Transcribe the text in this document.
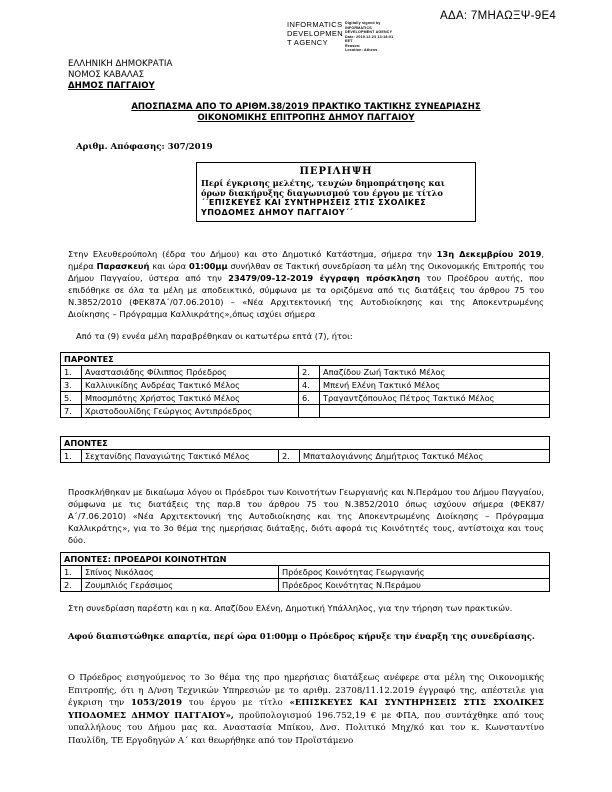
ΑΔΑ: 7ΜΗΑΩΞΨ-9Ε4
INFORMATICS
DEVELOPMEN
T AGENCY
Digitally signed by
INFORMATICS
DEVELOPMENT AGENCY
Date: 2019.12.23 13:18:01
EET
Reason:
Location: Athens
ΕΛΛΗΝΙΚΗ ΔΗΜΟΚΡΑΤΙΑ
ΝΟΜΟΣ ΚΑΒΑΛΑΣ
ΔΗΜΟΣ ΠΑΓΓΑΙΟΥ
ΑΠΟΣΠΑΣΜΑ ΑΠΟ ΤΟ ΑΡΙΘΜ.38/2019 ΠΡΑΚΤΙΚΟ ΤΑΚΤΙΚΗΣ ΣΥΝΕΔΡΙΑΣΗΣ
ΟΙΚΟΝΟΜΙΚΗΣ ΕΠΙΤΡΟΠΗΣ ΔΗΜΟΥ ΠΑΓΓΑΙΟΥ
Αριθμ. Απόφασης: 307/2019
ΠΕΡΙΛΗΨΗ
Περί έγκρισης μελέτης, τευχών δημοπράτησης και όρων διακήρυξης διαγωνισμού του έργου με τίτλο
΄΄ΕΠΙΣΚΕΥΕΣ ΚΑΙ ΣΥΝΤΗΡΗΣΕΙΣ ΣΤΙΣ ΣΧΟΛΙΚΕΣ ΥΠΟΔΟΜΕΣ ΔΗΜΟΥ ΠΑΓΓΑΙΟΥ΄΄
Στην Ελευθερούπολη (έδρα του Δήμου) και στο Δημοτικό Κατάστημα, σήμερα την 13η Δεκεμβρίου 2019, ημέρα Παρασκευή και ώρα 01:00μμ συνήλθαν σε Τακτική συνεδρίαση τα μέλη της Οικονομικής Επιτροπής του Δήμου Παγγαίου, ύστερα από την 23479/09-12-2019 έγγραφη πρόσκληση του Προέδρου αυτής, που επιδόθηκε σε όλα τα μέλη με αποδεικτικό, σύμφωνα με τα οριζόμενα από τις διατάξεις του άρθρου 75 του Ν.3852/2010 (ΦΕΚ87Α΄/07.06.2010) – «Νέα Αρχιτεκτονική της Αυτοδιοίκησης και της Αποκεντρωμένης Διοίκησης – Πρόγραμμα Καλλικράτης»,όπως ισχύει σήμερα
Από τα (9) εννέα μέλη παραβρέθηκαν οι κατωτέρω επτά (7), ήτοι:
ΠΑΡΟΝΤΕΣ			
1.	Αναστασιάδης Φίλιππος Πρόεδρος	2.	Απαζίδου Ζωή Τακτικό Μέλος
3.	Καλλινικίδης Ανδρέας Τακτικό Μέλος	4.	Μπενή Ελένη Τακτικό Μέλος
5.	Μποσμπότης Χρήστος Τακτικό Μέλος	6.	Τραγαντζόπουλος Πέτρος Τακτικό Μέλος
7.	Χριστοδουλίδης Γεώργιος Αντιπρόεδρος		
ΑΠΟΝΤΕΣ
1.	Σεχτανίδης Παναγιώτης Τακτικό Μέλος	2.	Μπαταλογιάννης Δημήτριος Τακτικό Μέλος
Προσκλήθηκαν με δικαίωμα λόγου οι Πρόεδροι των Κοινοτήτων Γεωργιανής και Ν.Περάμου του Δήμου Παγγαίου, σύμφωνα με τις διατάξεις της παρ.8 του άρθρου 75 του Ν.3852/2010 όπως ισχύουν σήμερα (ΦΕΚ87/ Α΄/7.06.2010) «Νέα Αρχιτεκτονική της Αυτοδιοίκησης και της Αποκεντρωμένης Διοίκησης – Πρόγραμμα Καλλικράτης», για το 3ο θέμα της ημερήσιας διάταξης, διότι αφορά τις Κοινότητές τους, αντίστοιχα και τους δύο.
ΑΠΟΝΤΕΣ: ΠΡΟΕΔΡΟΙ ΚΟΙΝΟΤΗΤΩΝ		
1.	Σπίνος Νικόλαος	Πρόεδρος Κοινότητας Γεωργιανής
2.	Ζουμπλιός Γεράσιμος	Πρόεδρος Κοινότητας Ν.Περάμου
Στη συνεδρίαση παρέστη και η κα. Απαζίδου Ελένη, Δημοτική Υπάλληλος, για την τήρηση των πρακτικών.
Αφού διαπιστώθηκε απαρτία, περί ώρα 01:00μμ ο Πρόεδρος κήρυξε την έναρξη της συνεδρίασης.
Ο Πρόεδρος εισηγούμενος το 3ο θέμα της προ ημερήσιας διατάξεως ανέφερε στα μέλη της Οικονομικής Επιτροπής, ότι η Δ/νση Τεχνικών Υπηρεσιών με το αριθμ. 23708/11.12.2019 έγγραφό της, απέστειλε για έγκριση την 1053/2019 του έργου με τίτλο «ΕΠΙΣΚΕΥΕΣ ΚΑΙ ΣΥΝΤΗΡΗΣΕΙΣ ΣΤΙΣ ΣΧΟΛΙΚΕΣ ΥΠΟΔΟΜΕΣ ΔΗΜΟΥ ΠΑΓΓΑΙΟΥ», προϋπολογισμού 196.752,19 € με ΦΠΑ, που συντάχθηκε από τους υπαλλήλους του Δήμου μας κα. Αναστασία Μπίκου, Δνσ. Πολιτικό Μηχ/κό και τον κ. Κωνσταντίνο Παυλίδη, ΤΕ Εργοδηγών Α΄ και θεωρήθηκε από τον Προϊστάμενο
